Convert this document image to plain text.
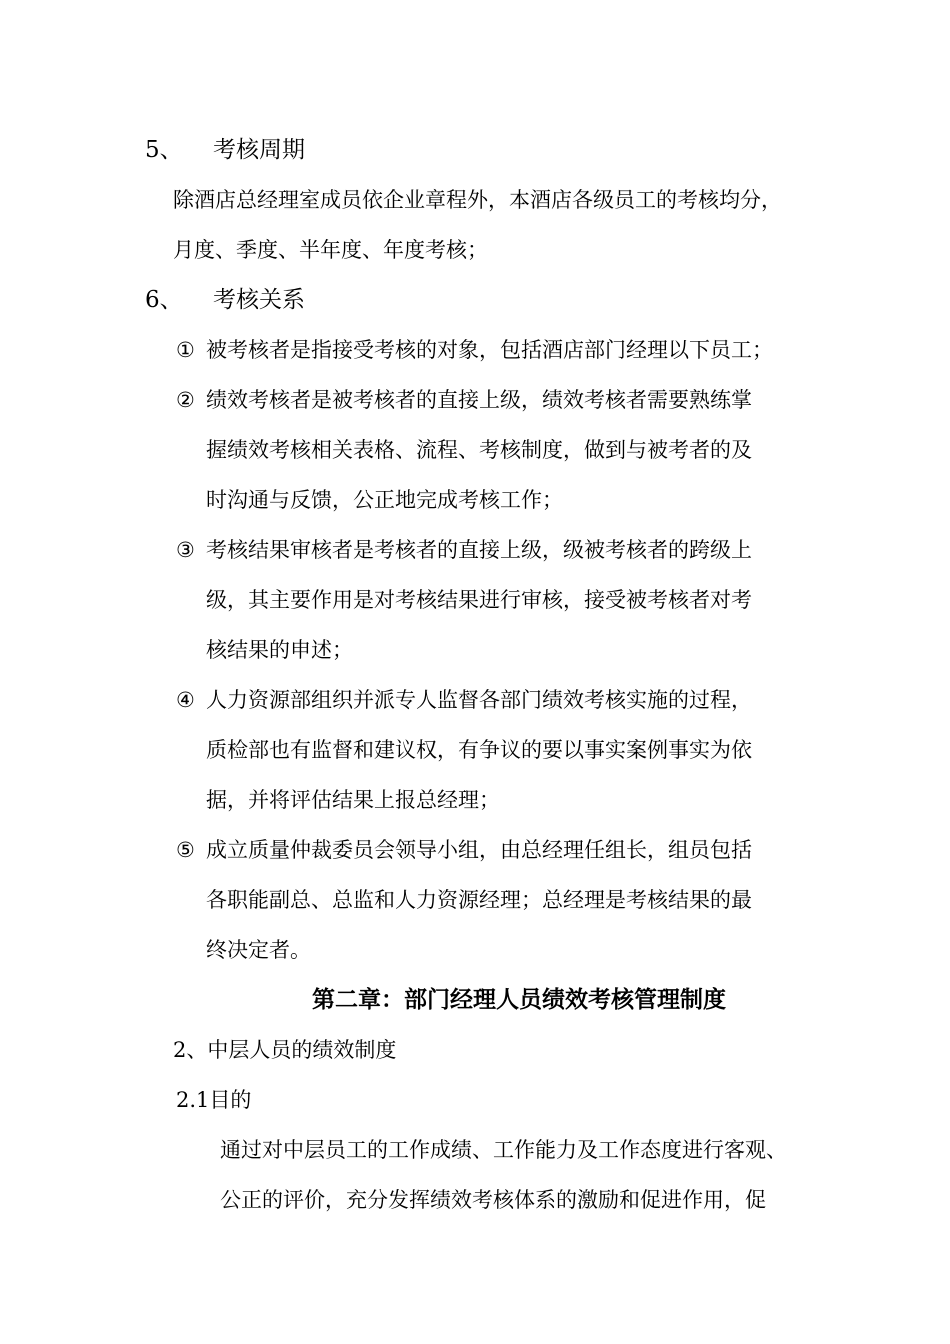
5、 考核周期
除酒店总经理室成员依企业章程外，本酒店各级员工的考核均分，
月度、季度、半年度、年度考核；
6、 考核关系
① 被考核者是指接受考核的对象，包括酒店部门经理以下员工；
② 绩效考核者是被考核者的直接上级，绩效考核者需要熟练掌
握绩效考核相关表格、流程、考核制度，做到与被考者的及
时沟通与反馈，公正地完成考核工作；
③ 考核结果审核者是考核者的直接上级，级被考核者的跨级上
级，其主要作用是对考核结果进行审核，接受被考核者对考
核结果的申述；
④ 人力资源部组织并派专人监督各部门绩效考核实施的过程，
质检部也有监督和建议权，有争议的要以事实案例事实为依
据，并将评估结果上报总经理；
⑤ 成立质量仲裁委员会领导小组，由总经理任组长，组员包括
各职能副总、总监和人力资源经理；总经理是考核结果的最
终决定者。
第二章：部门经理人员绩效考核管理制度
2、中层人员的绩效制度
2.1目的
通过对中层员工的工作成绩、工作能力及工作态度进行客观、
公正的评价，充分发挥绩效考核体系的激励和促进作用，促
